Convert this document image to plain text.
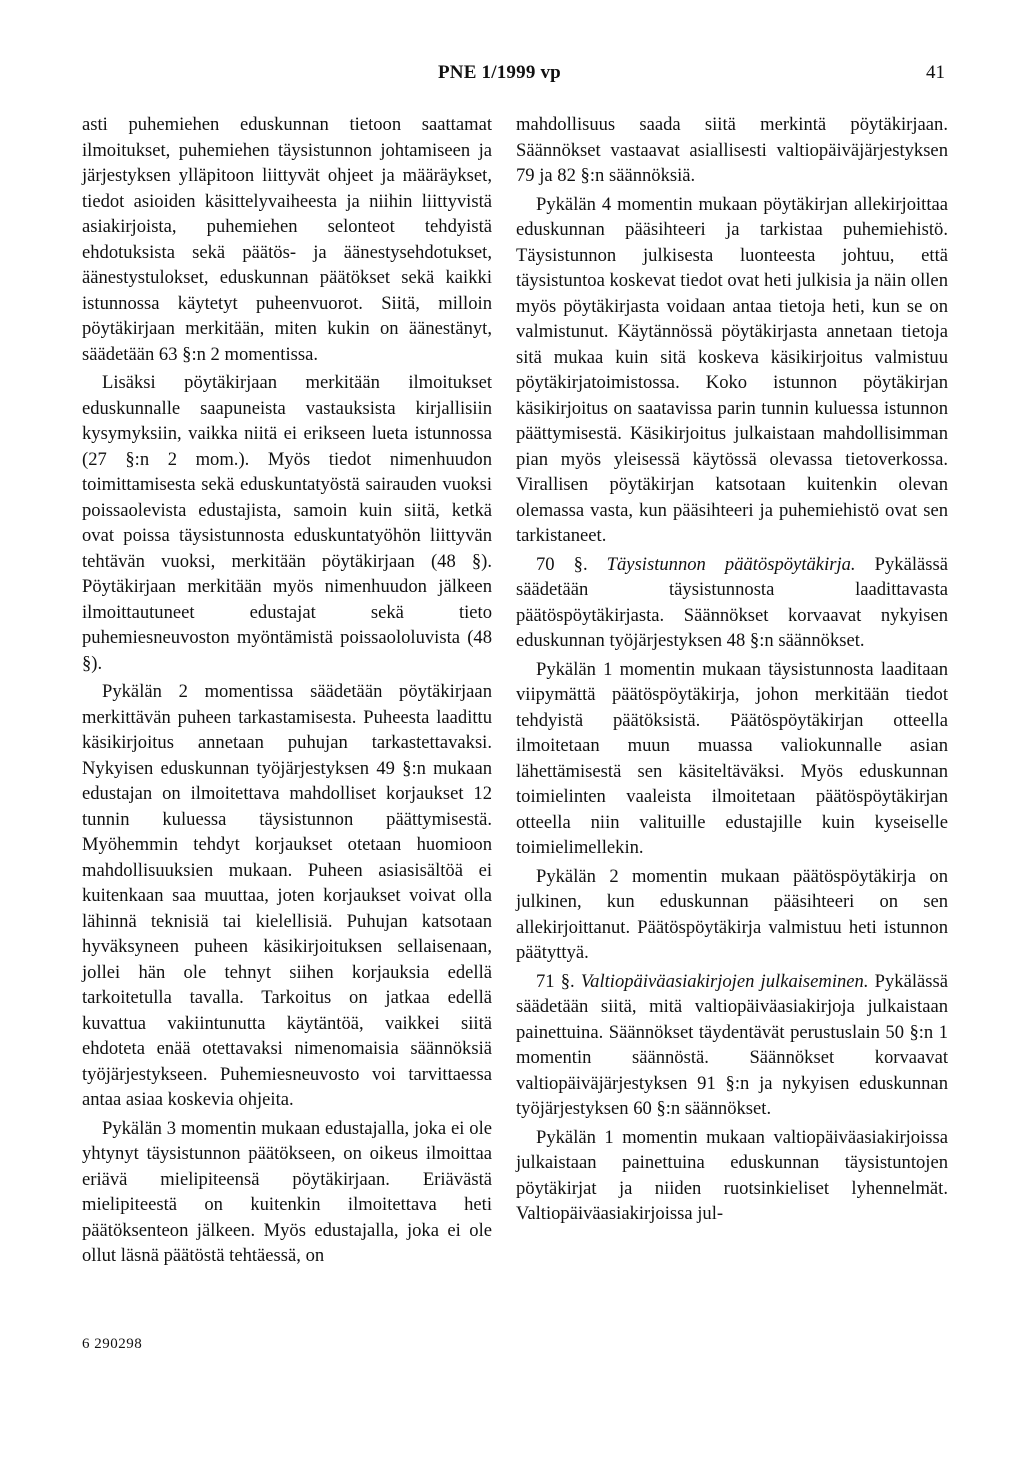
PNE 1/1999 vp	41

asti puhemiehen eduskunnan tietoon saattamat ilmoitukset, puhemiehen täysistunnon johtamiseen ja järjestyksen ylläpitoon liittyvät ohjeet ja määräykset, tiedot asioiden käsittelyvaiheesta ja niihin liittyvistä asiakirjoista, puhemiehen selonteot tehdyistä ehdotuksista sekä päätös- ja äänestysehdotukset, äänestystulokset, eduskunnan päätökset sekä kaikki istunnossa käytetyt puheenvuorot. Siitä, milloin pöytäkirjaan merkitään, miten kukin on äänestänyt, säädetään 63 §:n 2 momentissa.

Lisäksi pöytäkirjaan merkitään ilmoitukset eduskunnalle saapuneista vastauksista kirjallisiin kysymyksiin, vaikka niitä ei erikseen lueta istunnossa (27 §:n 2 mom.). Myös tiedot nimenhuudon toimittamisesta sekä eduskuntatyöstä sairauden vuoksi poissaolevista edustajista, samoin kuin siitä, ketkä ovat poissa täysistunnosta eduskuntatyöhön liittyvän tehtävän vuoksi, merkitään pöytäkirjaan (48 §). Pöytäkirjaan merkitään myös nimenhuudon jälkeen ilmoittautuneet edustajat sekä tieto puhemiesneuvoston myöntämistä poissaololuvista (48 §).

Pykälän 2 momentissa säädetään pöytäkirjaan merkittävän puheen tarkastamisesta. Puheesta laadittu käsikirjoitus annetaan puhujan tarkastettavaksi. Nykyisen eduskunnan työjärjestyksen 49 §:n mukaan edustajan on ilmoitettava mahdolliset korjaukset 12 tunnin kuluessa täysistunnon päättymisestä. Myöhemmin tehdyt korjaukset otetaan huomioon mahdollisuuksien mukaan. Puheen asiasisältöä ei kuitenkaan saa muuttaa, joten korjaukset voivat olla lähinnä teknisiä tai kielellisiä. Puhujan katsotaan hyväksyneen puheen käsikirjoituksen sellaisenaan, jollei hän ole tehnyt siihen korjauksia edellä tarkoitetulla tavalla. Tarkoitus on jatkaa edellä kuvattua vakiintunutta käytäntöä, vaikkei siitä ehdoteta enää otettavaksi nimenomaisia säännöksiä työjärjestykseen. Puhemiesneuvosto voi tarvittaessa antaa asiaa koskevia ohjeita.

Pykälän 3 momentin mukaan edustajalla, joka ei ole yhtynyt täysistunnon päätökseen, on oikeus ilmoittaa eriävä mielipiteensä pöytäkirjaan. Eriävästä mielipiteestä on kuitenkin ilmoitettava heti päätöksenteon jälkeen. Myös edustajalla, joka ei ole ollut läsnä päätöstä tehtäessä, on

mahdollisuus saada siitä merkintä pöytäkirjaan. Säännökset vastaavat asiallisesti valtiopäiväjärjestyksen 79 ja 82 §:n säännöksiä.

Pykälän 4 momentin mukaan pöytäkirjan allekirjoittaa eduskunnan pääsihteeri ja tarkistaa puhemiehistö. Täysistunnon julkisesta luonteesta johtuu, että täysistuntoa koskevat tiedot ovat heti julkisia ja näin ollen myös pöytäkirjasta voidaan antaa tietoja heti, kun se on valmistunut. Käytännössä pöytäkirjasta annetaan tietoja sitä mukaa kuin sitä koskeva käsikirjoitus valmistuu pöytäkirjatoimistossa. Koko istunnon pöytäkirjan käsikirjoitus on saatavissa parin tunnin kuluessa istunnon päättymisestä. Käsikirjoitus julkaistaan mahdollisimman pian myös yleisessä käytössä olevassa tietoverkossa. Virallisen pöytäkirjan katsotaan kuitenkin olevan olemassa vasta, kun pääsihteeri ja puhemiehistö ovat sen tarkistaneet.

70 §. Täysistunnon päätöspöytäkirja. Pykälässä säädetään täysistunnosta laadittavasta päätöspöytäkirjasta. Säännökset korvaavat nykyisen eduskunnan työjärjestyksen 48 §:n säännökset.

Pykälän 1 momentin mukaan täysistunnosta laaditaan viipymättä päätöspöytäkirja, johon merkitään tiedot tehdyistä päätöksistä. Päätöspöytäkirjan otteella ilmoitetaan muun muassa valiokunnalle asian lähettämisestä sen käsiteltäväksi. Myös eduskunnan toimielinten vaaleista ilmoitetaan päätöspöytäkirjan otteella niin valituille edustajille kuin kyseiselle toimielimellekin.

Pykälän 2 momentin mukaan päätöspöytäkirja on julkinen, kun eduskunnan pääsihteeri on sen allekirjoittanut. Päätöspöytäkirja valmistuu heti istunnon päätyttyä.

71 §. Valtiopäiväasiakirjojen julkaiseminen. Pykälässä säädetään siitä, mitä valtiopäiväasiakirjoja julkaistaan painettuina. Säännökset täydentävät perustuslain 50 §:n 1 momentin säännöstä. Säännökset korvaavat valtiopäiväjärjestyksen 91 §:n ja nykyisen eduskunnan työjärjestyksen 60 §:n säännökset.

Pykälän 1 momentin mukaan valtiopäiväasiakirjoissa julkaistaan painettuina eduskunnan täysistuntojen pöytäkirjat ja niiden ruotsinkieliset lyhennelmät. Valtiopäiväasiakirjoissa jul-

6 290298
